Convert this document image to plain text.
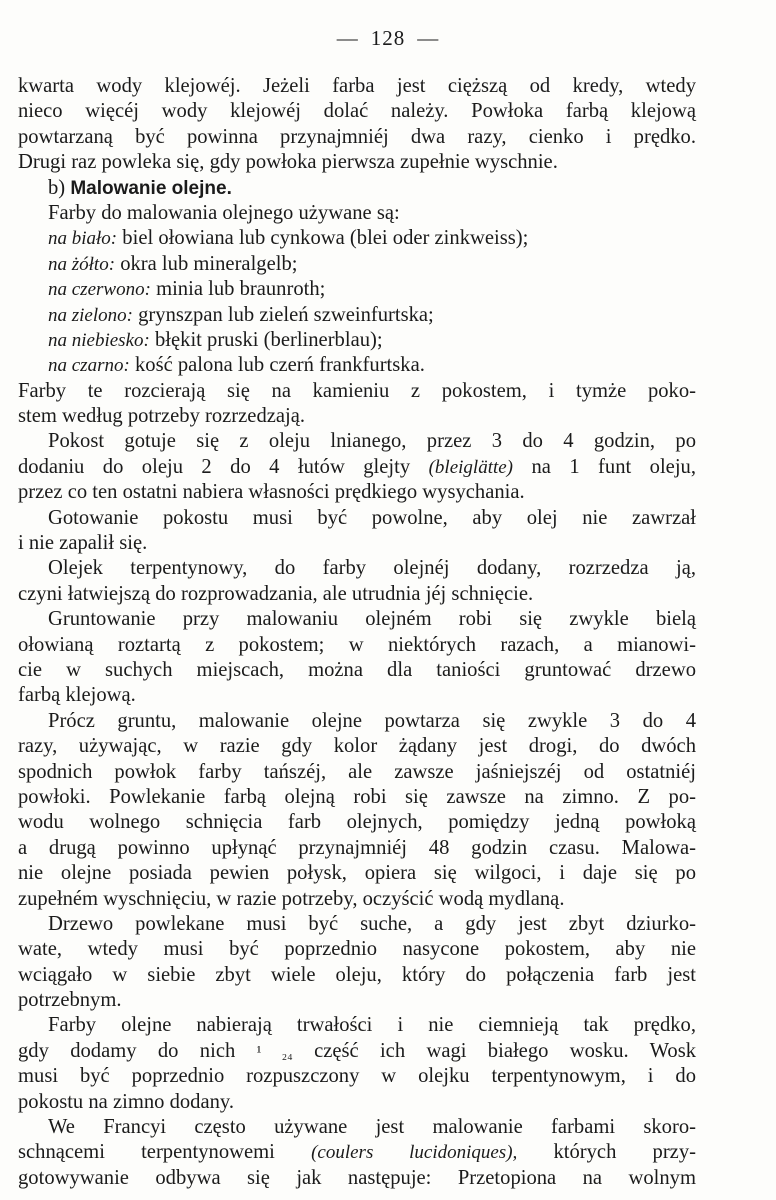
— 128 —
kwarta wody klejowéj. Jeżeli farba jest cięższą od kredy, wtedy
nieco więcéj wody klejowéj dolać należy. Powłoka farbą klejową
powtarzaną być powinna przynajmniéj dwa razy, cienko i prędko.
Drugi raz powleka się, gdy powłoka pierwsza zupełnie wyschnie.
b) Malowanie olejne.
Farby do malowania olejnego używane są:
na biało: biel ołowiana lub cynkowa (blei oder zinkweiss);
na żółto: okra lub mineralgelb;
na czerwono: minia lub braunroth;
na zielono: grynszpan lub zieleń szweinfurtska;
na niebiesko: błękit pruski (berlinerblau);
na czarno: kość palona lub czerń frankfurtska.
Farby te rozcierają się na kamieniu z pokostem, i tymże poko-
stem według potrzeby rozrzedzają.
Pokost gotuje się z oleju lnianego, przez 3 do 4 godzin, po
dodaniu do oleju 2 do 4 łutów glejty (bleiglätte) na 1 funt oleju,
przez co ten ostatni nabiera własności prędkiego wysychania.
Gotowanie pokostu musi być powolne, aby olej nie zawrzał
i nie zapalił się.
Olejek terpentynowy, do farby olejnéj dodany, rozrzedza ją,
czyni łatwiejszą do rozprowadzania, ale utrudnia jéj schnięcie.
Gruntowanie przy malowaniu olejném robi się zwykle bielą
ołowianą roztartą z pokostem; w niektórych razach, a mianowi-
cie w suchych miejscach, można dla taniości gruntować drzewo
farbą klejową.
Prócz gruntu, malowanie olejne powtarza się zwykle 3 do 4
razy, używając, w razie gdy kolor żądany jest drogi, do dwóch
spodnich powłok farby tańszéj, ale zawsze jaśniejszéj od ostatniéj
powłoki. Powlekanie farbą olejną robi się zawsze na zimno. Z po-
wodu wolnego schnięcia farb olejnych, pomiędzy jedną powłoką
a drugą powinno upłynąć przynajmniéj 48 godzin czasu. Malowa-
nie olejne posiada pewien połysk, opiera się wilgoci, i daje się po
zupełném wyschnięciu, w razie potrzeby, oczyścić wodą mydlaną.
Drzewo powlekane musi być suche, a gdy jest zbyt dziurko-
wate, wtedy musi być poprzednio nasycone pokostem, aby nie
wciągało w siebie zbyt wiele oleju, który do połączenia farb jest
potrzebnym.
Farby olejne nabierają trwałości i nie ciemnieją tak prędko,
gdy dodamy do nich ¹ ₂₄ część ich wagi białego wosku. Wosk
musi być poprzednio rozpuszczony w olejku terpentynowym, i do
pokostu na zimno dodany.
We Francyi często używane jest malowanie farbami skoro-
schnącemi terpentynowemi (coulers lucidoniques), których przy-
gotowywanie odbywa się jak następuje: Przetopiona na wolnym
